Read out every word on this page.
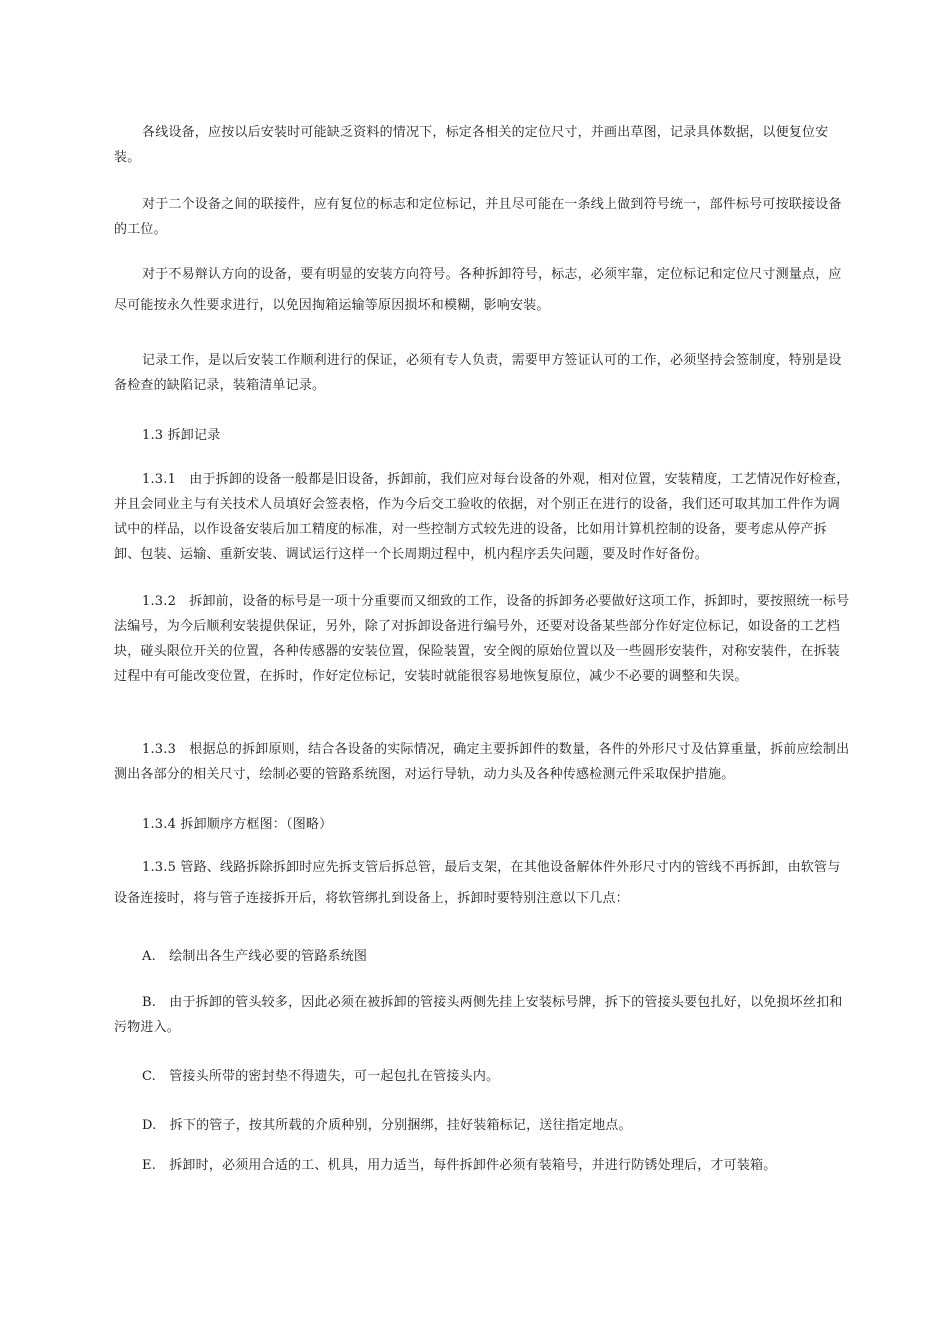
各线设备，应按以后安装时可能缺乏资料的情况下，标定各相关的定位尺寸，并画出草图，记录具体数据，以便复位安装。

对于二个设备之间的联接件，应有复位的标志和定位标记，并且尽可能在一条线上做到符号统一，部件标号可按联接设备的工位。

对于不易辩认方向的设备，要有明显的安装方向符号。各种拆卸符号，标志，必须牢靠，定位标记和定位尺寸测量点，应尽可能按永久性要求进行，以免因掏箱运输等原因损坏和模糊，影响安装。

记录工作，是以后安装工作顺利进行的保证，必须有专人负责，需要甲方签证认可的工作，必须坚持会签制度，特别是设备检查的缺陷记录，装箱清单记录。

1.3 拆卸记录

1.3.1　由于拆卸的设备一般都是旧设备，拆卸前，我们应对每台设备的外观，相对位置，安装精度，工艺情况作好检查，并且会同业主与有关技术人员填好会签表格，作为今后交工验收的依据，对个别正在进行的设备，我们还可取其加工件作为调试中的样品，以作设备安装后加工精度的标准，对一些控制方式较先进的设备，比如用计算机控制的设备，要考虑从停产拆卸、包装、运输、重新安装、调试运行这样一个长周期过程中，机内程序丢失问题，要及时作好备份。

1.3.2　拆卸前，设备的标号是一项十分重要而又细致的工作，设备的拆卸务必要做好这项工作，拆卸时，要按照统一标号法编号，为今后顺利安装提供保证，另外，除了对拆卸设备进行编号外，还要对设备某些部分作好定位标记，如设备的工艺档块，碰头限位开关的位置，各种传感器的安装位置，保险装置，安全阀的原始位置以及一些圆形安装件，对称安装件，在拆装过程中有可能改变位置，在拆时，作好定位标记，安装时就能很容易地恢复原位，减少不必要的调整和失误。

1.3.3　根据总的拆卸原则，结合各设备的实际情况，确定主要拆卸件的数量，各件的外形尺寸及估算重量，拆前应绘制出测出各部分的相关尺寸，绘制必要的管路系统图，对运行导轨，动力头及各种传感检测元件采取保护措施。

1.3.4 拆卸顺序方框图：（图略）

1.3.5 管路、线路拆除拆卸时应先拆支管后拆总管，最后支架，在其他设备解体件外形尺寸内的管线不再拆卸，由软管与设备连接时，将与管子连接拆开后，将软管绑扎到设备上，拆卸时要特别注意以下几点：

A.　绘制出各生产线必要的管路系统图

B.　由于拆卸的管头较多，因此必须在被拆卸的管接头两侧先挂上安装标号牌，拆下的管接头要包扎好，以免损坏丝扣和污物进入。

C.　管接头所带的密封垫不得遗失，可一起包扎在管接头内。

D.　拆下的管子，按其所载的介质种别，分别捆绑，挂好装箱标记，送往指定地点。

E.　拆卸时，必须用合适的工、机具，用力适当，每件拆卸件必须有装箱号，并进行防锈处理后，才可装箱。
